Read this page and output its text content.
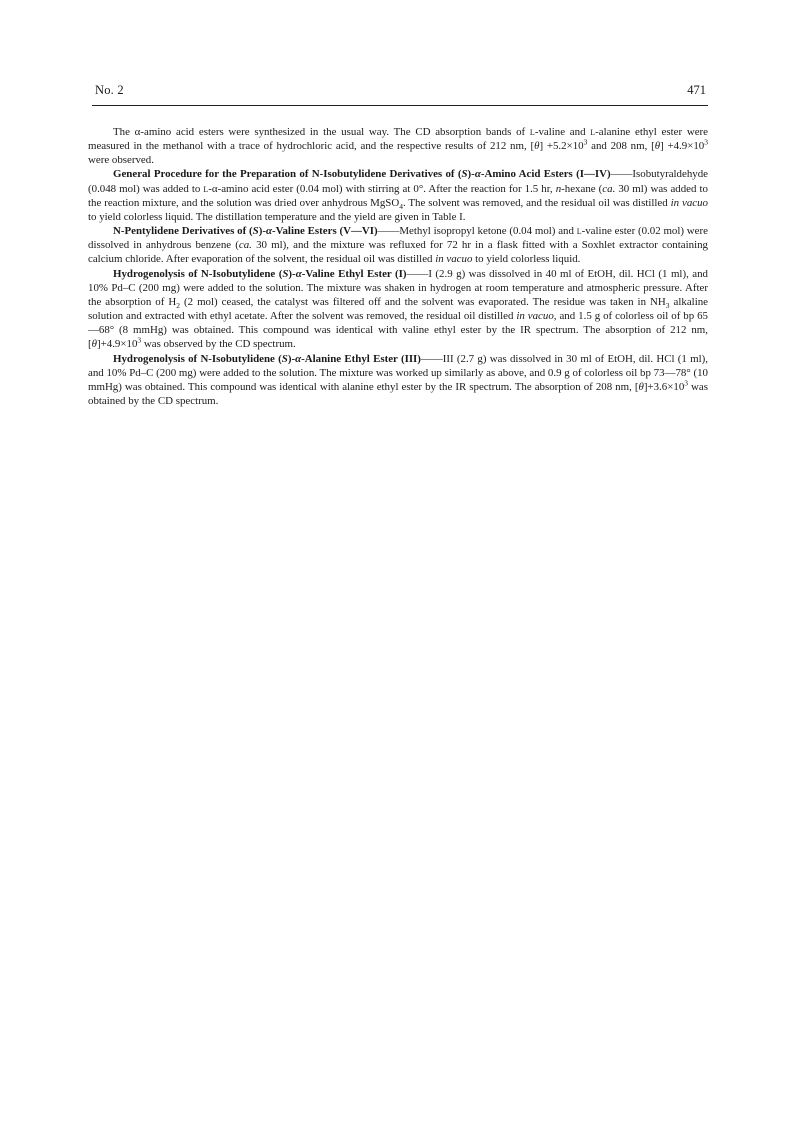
No. 2	471

The α-amino acid esters were synthesized in the usual way. The CD absorption bands of l-valine and l-alanine ethyl ester were measured in the methanol with a trace of hydrochloric acid, and the respective results of 212 nm, $[\theta] +5.2\times 10^3$ and 208 nm, $[\theta] +4.9\times 10^3$ were observed.

General Procedure for the Preparation of N-Isobutylidene Derivatives of (S)-α-Amino Acid Esters (I—IV)——Isobutyraldehyde (0.048 mol) was added to l-α-amino acid ester (0.04 mol) with stirring at 0°. After the reaction for 1.5 hr, n-hexane (ca. 30 ml) was added to the reaction mixture, and the solution was dried over anhydrous MgSO$_4$. The solvent was removed, and the residual oil was distilled in vacuo to yield colorless liquid. The distillation temperature and the yield are given in Table I.

N-Pentylidene Derivatives of (S)-α-Valine Esters (V—VI)——Methyl isopropyl ketone (0.04 mol) and l-valine ester (0.02 mol) were dissolved in anhydrous benzene (ca. 30 ml), and the mixture was refluxed for 72 hr in a flask fitted with a Soxhlet extractor containing calcium chloride. After evaporation of the solvent, the residual oil was distilled in vacuo to yield colorless liquid.

Hydrogenolysis of N-Isobutylidene (S)-α-Valine Ethyl Ester (I)——I (2.9 g) was dissolved in 40 ml of EtOH, dil. HCl (1 ml), and 10% Pd–C (200 mg) were added to the solution. The mixture was shaken in hydrogen at room temperature and atmospheric pressure. After the absorption of $H_2$ (2 mol) ceased, the catalyst was filtered off and the solvent was evaporated. The residue was taken in $NH_3$ alkaline solution and extracted with ethyl acetate. After the solvent was removed, the residual oil distilled in vacuo, and 1.5 g of colorless oil of bp 65—68° (8 mmHg) was obtained. This compound was identical with valine ethyl ester by the IR spectrum. The absorption of 212 nm, $[\theta]+4.9\times 10^3$ was observed by the CD spectrum.

Hydrogenolysis of N-Isobutylidene (S)-α-Alanine Ethyl Ester (III)——III (2.7 g) was dissolved in 30 ml of EtOH, dil. HCl (1 ml), and 10% Pd–C (200 mg) were added to the solution. The mixture was worked up similarly as above, and 0.9 g of colorless oil bp 73—78° (10 mmHg) was obtained. This compound was identical with alanine ethyl ester by the IR spectrum. The absorption of 208 nm, $[\theta]+3.6\times 10^3$ was obtained by the CD spectrum.
